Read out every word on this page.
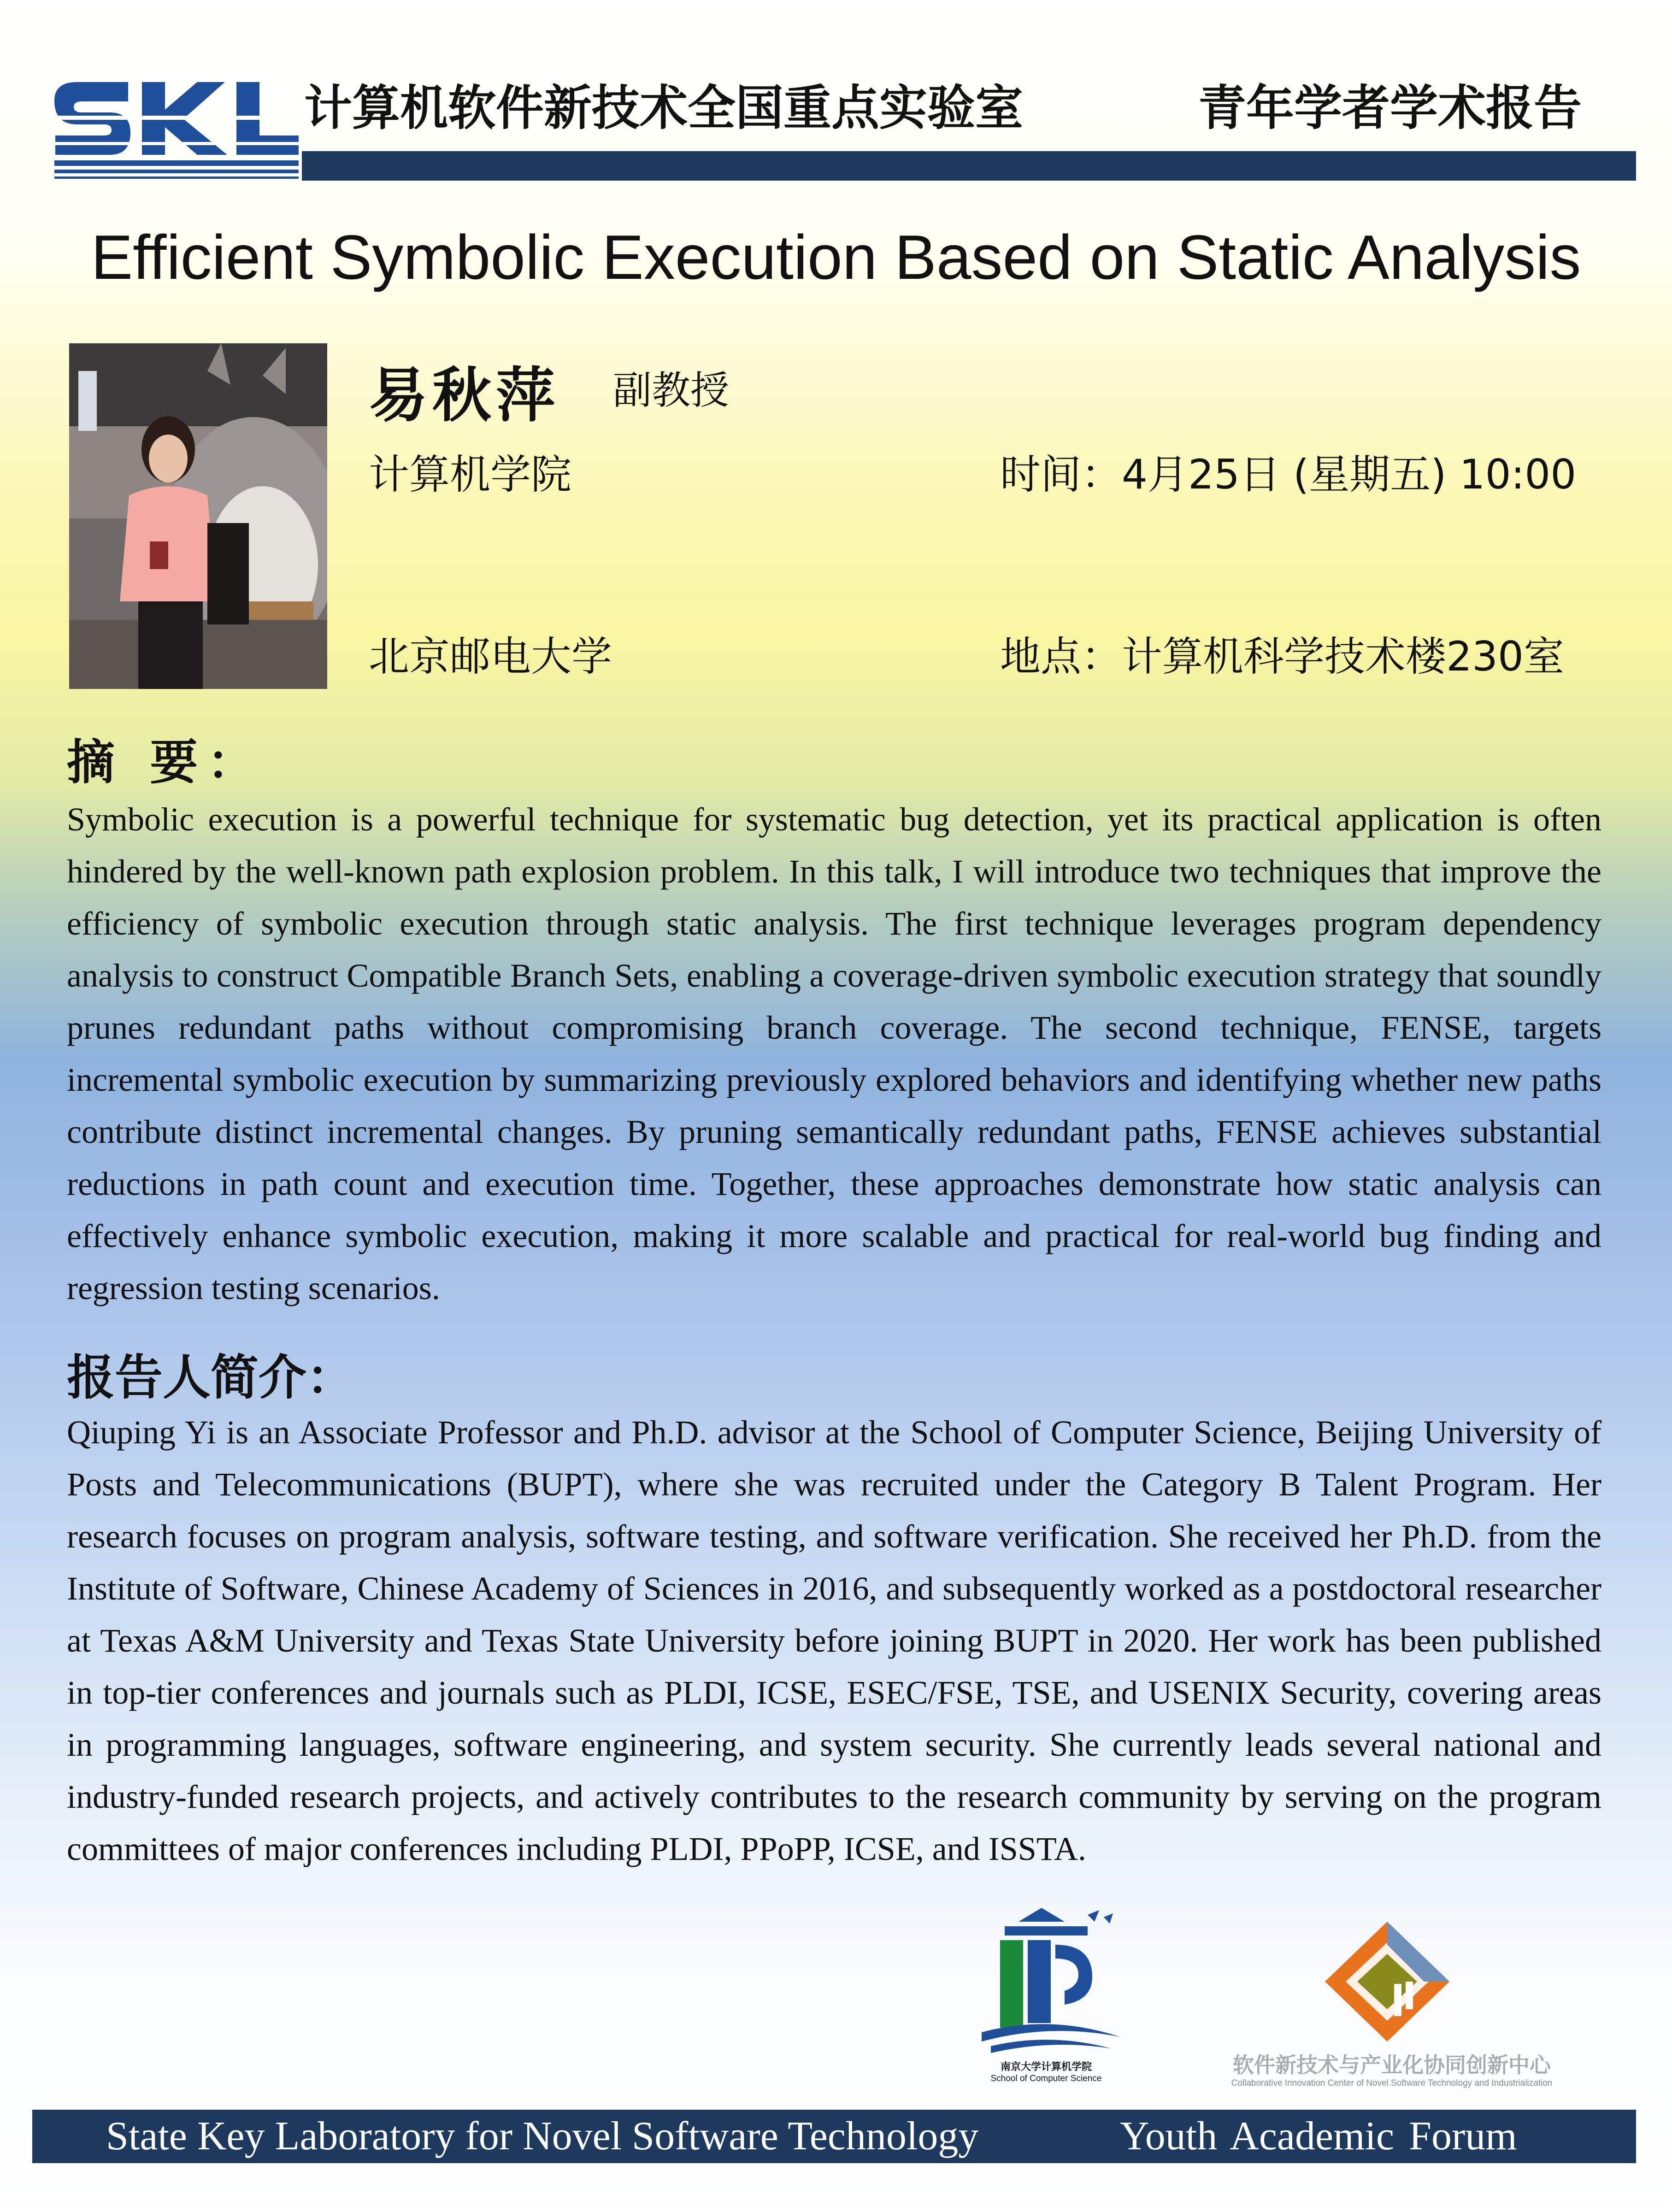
计算机软件新技术全国重点实验室	青年学者学术报告
Efficient Symbolic Execution Based on Static Analysis
易秋萍 副教授
计算机学院
北京邮电大学
时间：4月25日 (星期五) 10:00
地点：计算机科学技术楼230室
摘 要：
Symbolic execution is a powerful technique for systematic bug detection, yet its practical application is often hindered by the well-known path explosion problem. In this talk, I will introduce two techniques that improve the efficiency of symbolic execution through static analysis. The first technique leverages program dependency analysis to construct Compatible Branch Sets, enabling a coverage-driven symbolic execution strategy that soundly prunes redundant paths without compromising branch coverage. The second technique, FENSE, targets incremental symbolic execution by summarizing previously explored behaviors and identifying whether new paths contribute distinct incremental changes. By pruning semantically redundant paths, FENSE achieves substantial reductions in path count and execution time. Together, these approaches demonstrate how static analysis can effectively enhance symbolic execution, making it more scalable and practical for real-world bug finding and regression testing scenarios.
报告人简介：
Qiuping Yi is an Associate Professor and Ph.D. advisor at the School of Computer Science, Beijing University of Posts and Telecommunications (BUPT), where she was recruited under the Category B Talent Program. Her research focuses on program analysis, software testing, and software verification. She received her Ph.D. from the Institute of Software, Chinese Academy of Sciences in 2016, and subsequently worked as a postdoctoral researcher at Texas A&M University and Texas State University before joining BUPT in 2020. Her work has been published in top-tier conferences and journals such as PLDI, ICSE, ESEC/FSE, TSE, and USENIX Security, covering areas in programming languages, software engineering, and system security. She currently leads several national and industry-funded research projects, and actively contributes to the research community by serving on the program committees of major conferences including PLDI, PPoPP, ICSE, and ISSTA.
南京大学计算机学院
School of Computer Science
软件新技术与产业化协同创新中心
Collaborative Innovation Center of Novel Software Technology and Industrialization
State Key Laboratory for Novel Software Technology	Youth Academic Forum
